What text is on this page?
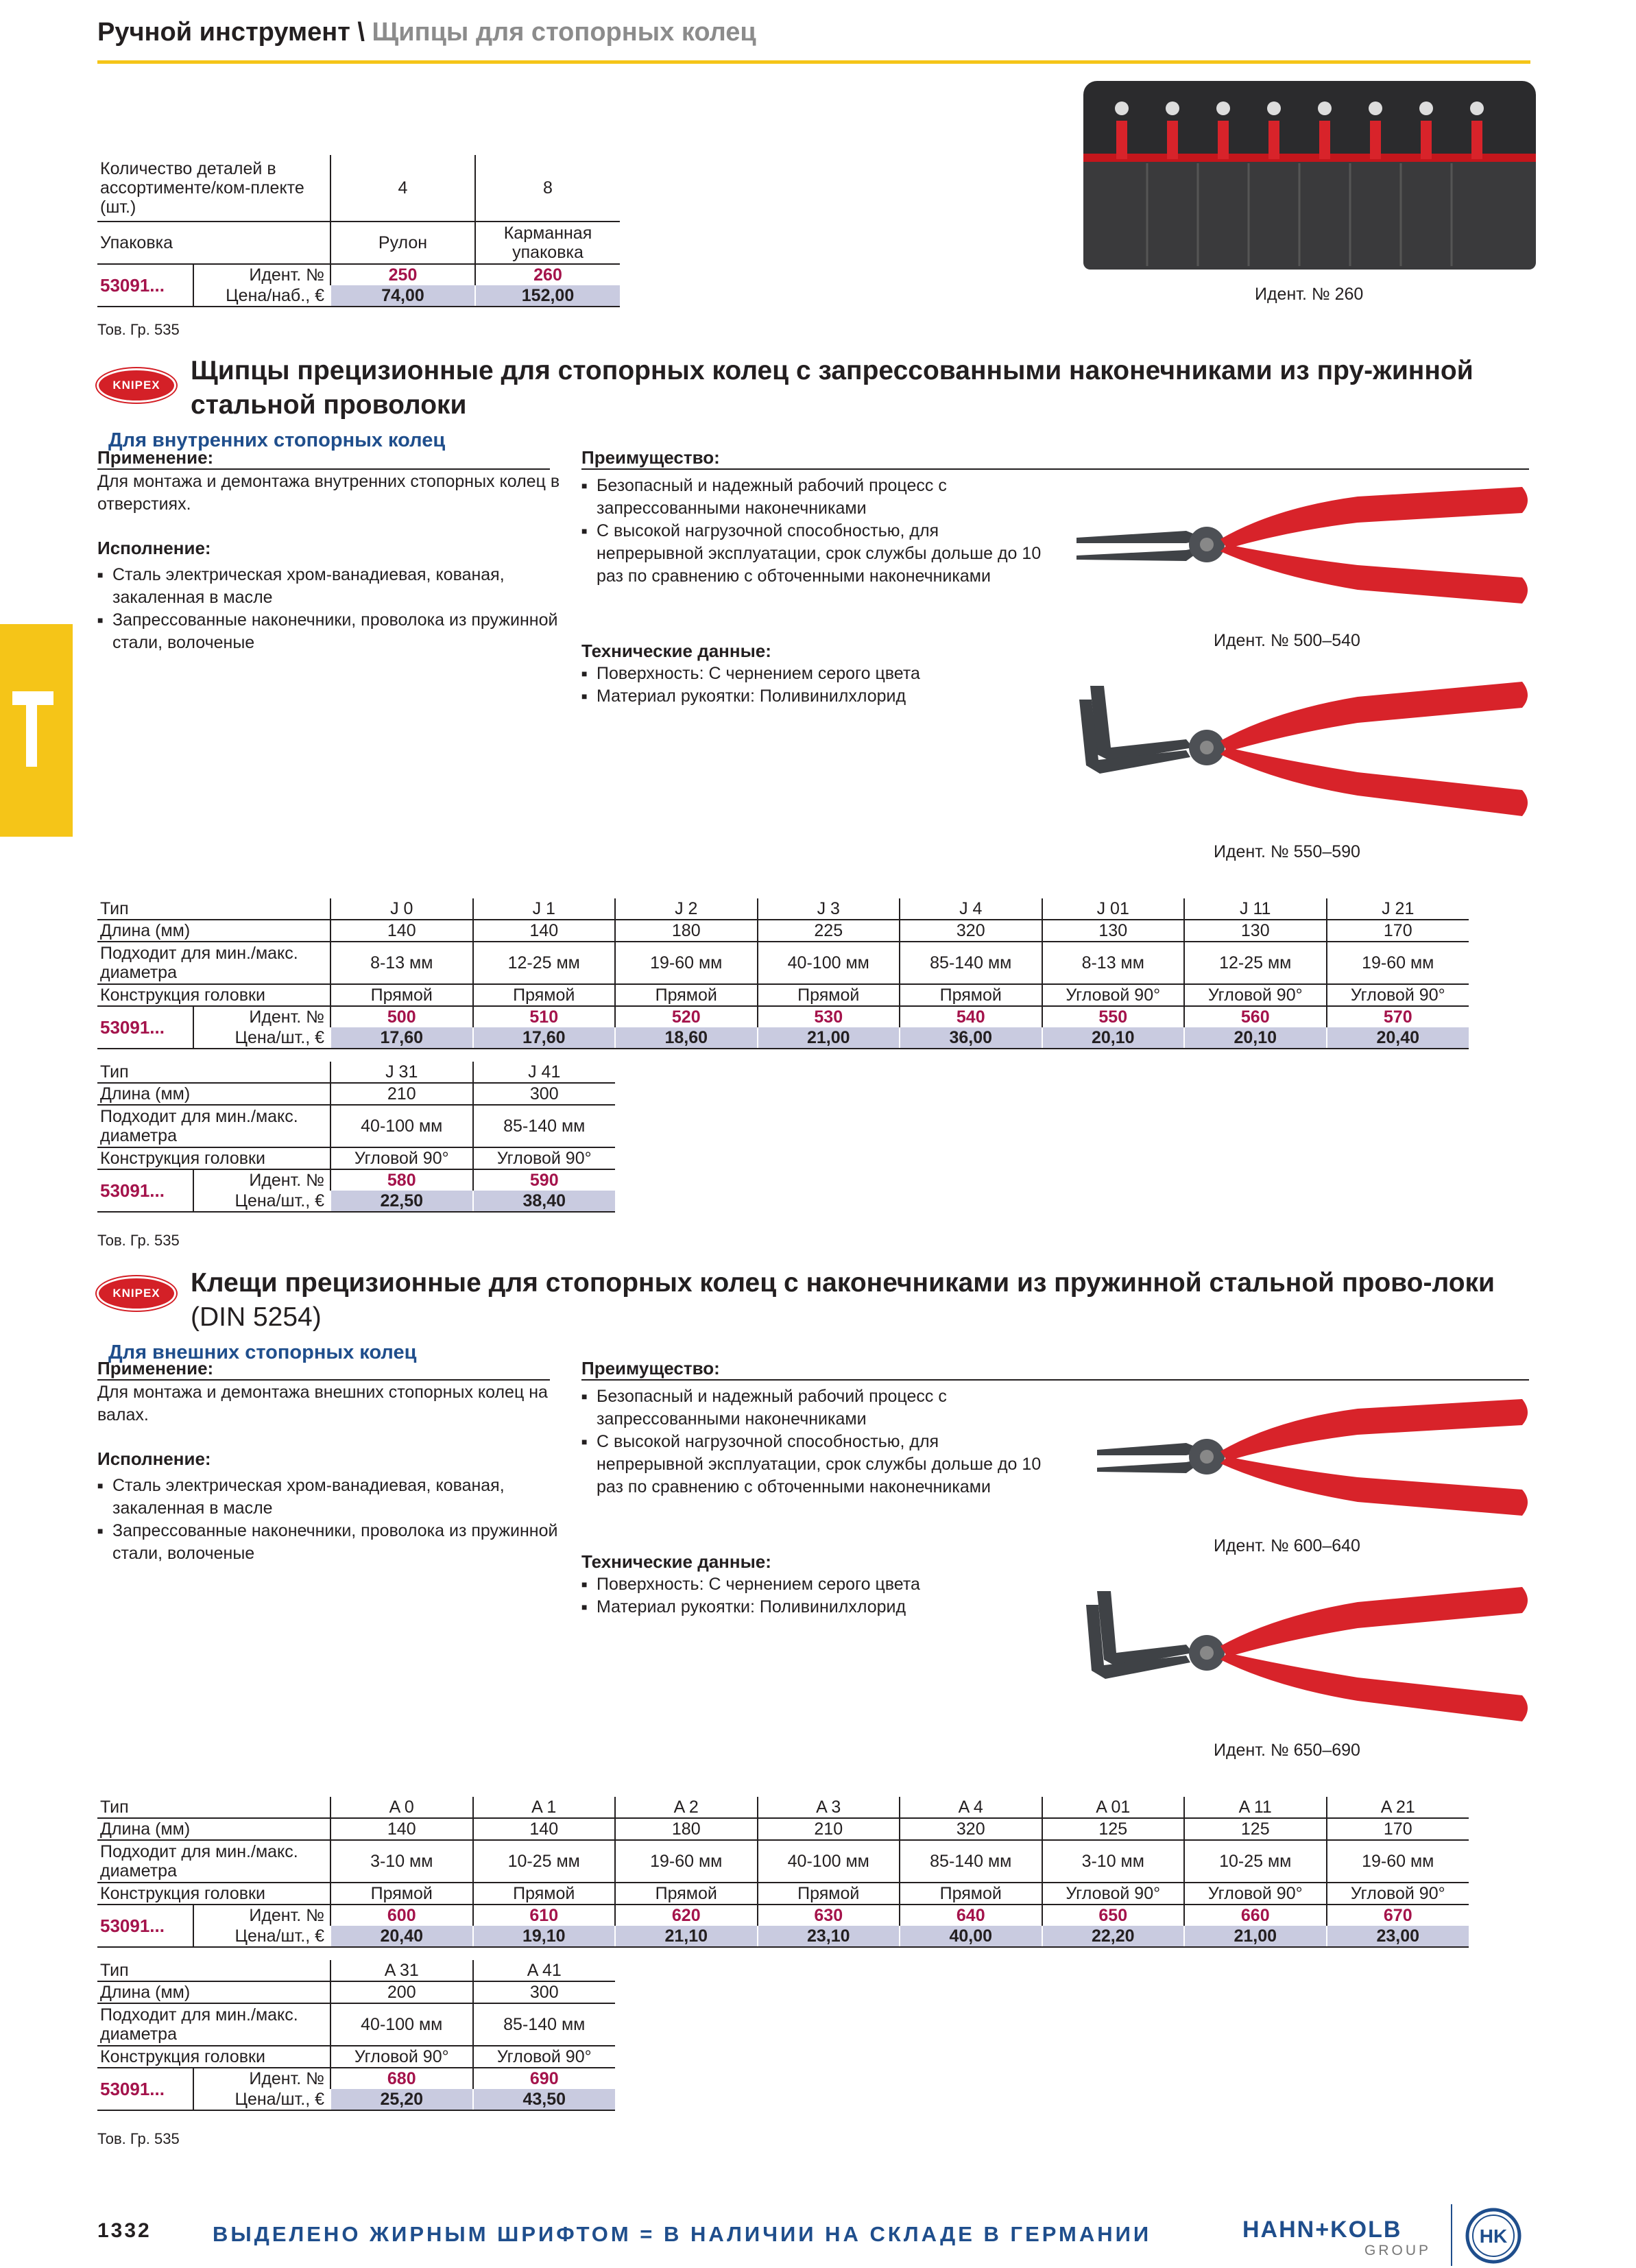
Ручной инструмент \ Щипцы для стопорных колец
Количество деталей в ассортименте/ком-плекте (шт.)		4	8
Упаковка		Рулон	Карманная упаковка
53091...	Идент. №	250	260
	Цена/наб., €	74,00	152,00	Идент. № 260
Тов. Гр. 535
KNIPEX	Щипцы прецизионные для стопорных колец с запрессованными наконечниками из пру-жинной стальной проволоки
Для внутренних стопорных колец
Применение:
Для монтажа и демонтажа внутренних стопорных колец в отверстиях.
Исполнение:
■ Сталь электрическая хром-ванадиевая, кованая, закаленная в масле
■ Запрессованные наконечники, проволока из пружинной стали, волоченые
Преимущество:
■ Безопасный и надежный рабочий процесс с запрессованными наконечниками
■ С высокой нагрузочной способностью, для непрерывной эксплуатации, срок службы дольше до 10 раз по сравнению с обточенными наконечниками
Технические данные:
■ Поверхность: С чернением серого цвета
■ Материал рукоятки: Поливинилхлорид
Идент. № 500–540
Идент. № 550–590
Тип		J 0	J 1	J 2	J 3	J 4	J 01	J 11	J 21
Длина (мм)		140	140	180	225	320	130	130	170
Подходит для мин./макс. диаметра		8-13 мм	12-25 мм	19-60 мм	40-100 мм	85-140 мм	8-13 мм	12-25 мм	19-60 мм
Конструкция головки		Прямой	Прямой	Прямой	Прямой	Прямой	Угловой 90°	Угловой 90°	Угловой 90°
53091...	Идент. №	500	510	520	530	540	550	560	570
	Цена/шт., €	17,60	17,60	18,60	21,00	36,00	20,10	20,10	20,40
Тип		J 31	J 41
Длина (мм)		210	300
Подходит для мин./макс. диаметра		40-100 мм	85-140 мм
Конструкция головки		Угловой 90°	Угловой 90°
53091...	Идент. №	580	590
	Цена/шт., €	22,50	38,40
Тов. Гр. 535
KNIPEX	Клещи прецизионные для стопорных колец с наконечниками из пружинной стальной прово-локи (DIN 5254)
Для внешних стопорных колец
Применение:
Для монтажа и демонтажа внешних стопорных колец на валах.
Исполнение:
■ Сталь электрическая хром-ванадиевая, кованая, закаленная в масле
■ Запрессованные наконечники, проволока из пружинной стали, волоченые
Преимущество:
■ Безопасный и надежный рабочий процесс с запрессованными наконечниками
■ С высокой нагрузочной способностью, для непрерывной эксплуатации, срок службы дольше до 10 раз по сравнению с обточенными наконечниками
Технические данные:
■ Поверхность: С чернением серого цвета
■ Материал рукоятки: Поливинилхлорид
Идент. № 600–640
Идент. № 650–690
Тип		A 0	A 1	A 2	A 3	A 4	A 01	A 11	A 21
Длина (мм)		140	140	180	210	320	125	125	170
Подходит для мин./макс. диаметра		3-10 мм	10-25 мм	19-60 мм	40-100 мм	85-140 мм	3-10 мм	10-25 мм	19-60 мм
Конструкция головки		Прямой	Прямой	Прямой	Прямой	Прямой	Угловой 90°	Угловой 90°	Угловой 90°
53091...	Идент. №	600	610	620	630	640	650	660	670
	Цена/шт., €	20,40	19,10	21,10	23,10	40,00	22,20	21,00	23,00
Тип		A 31	A 41
Длина (мм)		200	300
Подходит для мин./макс. диаметра		40-100 мм	85-140 мм
Конструкция головки		Угловой 90°	Угловой 90°
53091...	Идент. №	680	690
	Цена/шт., €	25,20	43,50
Тов. Гр. 535
1332	ВЫДЕЛЕНО ЖИРНЫМ ШРИФТОМ = В НАЛИЧИИ НА СКЛАДЕ В ГЕРМАНИИ	HAHN+KOLB
GROUP
HK
